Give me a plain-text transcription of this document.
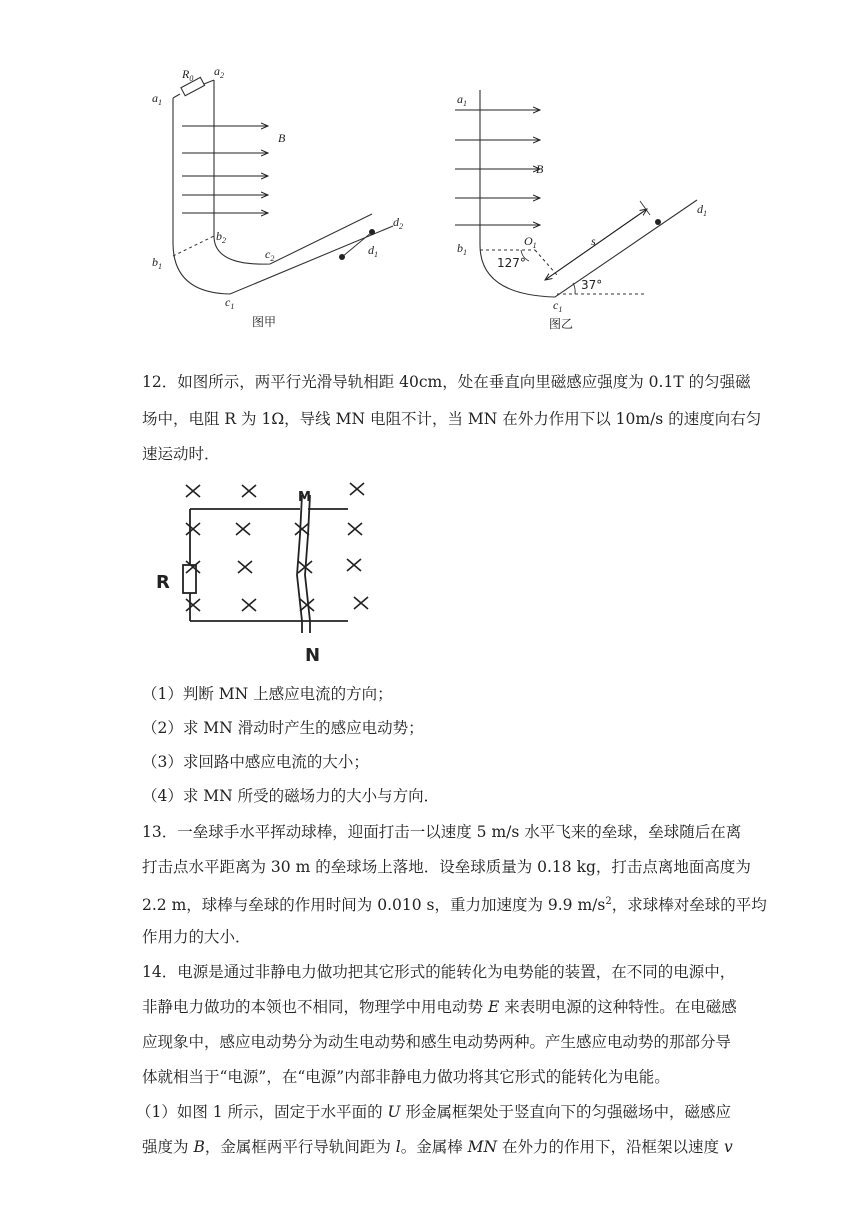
$R_0$
$a_2$
$a_1$
B
$b_2$
$b_1$
$c_2$
$c_1$
$d_1$
$d_2$
图甲
$a_1$
B
$b_1$
$O_1$
127°
37°
s
$c_1$
$d_1$
图乙

12．如图所示，两平行光滑导轨相距 40cm，处在垂直向里磁感应强度为 0.1T 的匀强磁

场中，电阻 R 为 1Ω，导线 MN 电阻不计，当 MN 在外力作用下以 10m/s 的速度向右匀

速运动时．

M
R
N

（1）判断 MN 上感应电流的方向；

（2）求 MN 滑动时产生的感应电动势；

（3）求回路中感应电流的大小；

（4）求 MN 所受的磁场力的大小与方向．

13．一垒球手水平挥动球棒，迎面打击一以速度 5 m/s 水平飞来的垒球，垒球随后在离

打击点水平距离为 30 m 的垒球场上落地．设垒球质量为 0.18 kg，打击点离地面高度为

2.2 m，球棒与垒球的作用时间为 0.010 s，重力加速度为 9.9 $m/s^2$，求球棒对垒球的平均

作用力的大小．

14．电源是通过非静电力做功把其它形式的能转化为电势能的装置，在不同的电源中，

非静电力做功的本领也不相同，物理学中用电动势 E 来表明电源的这种特性。在电磁感

应现象中，感应电动势分为动生电动势和感生电动势两种。产生感应电动势的那部分导

体就相当于“电源”，在“电源”内部非静电力做功将其它形式的能转化为电能。

（1）如图 1 所示，固定于水平面的 U 形金属框架处于竖直向下的匀强磁场中，磁感应

强度为 B，金属框两平行导轨间距为 l。金属棒 MN 在外力的作用下，沿框架以速度 v
